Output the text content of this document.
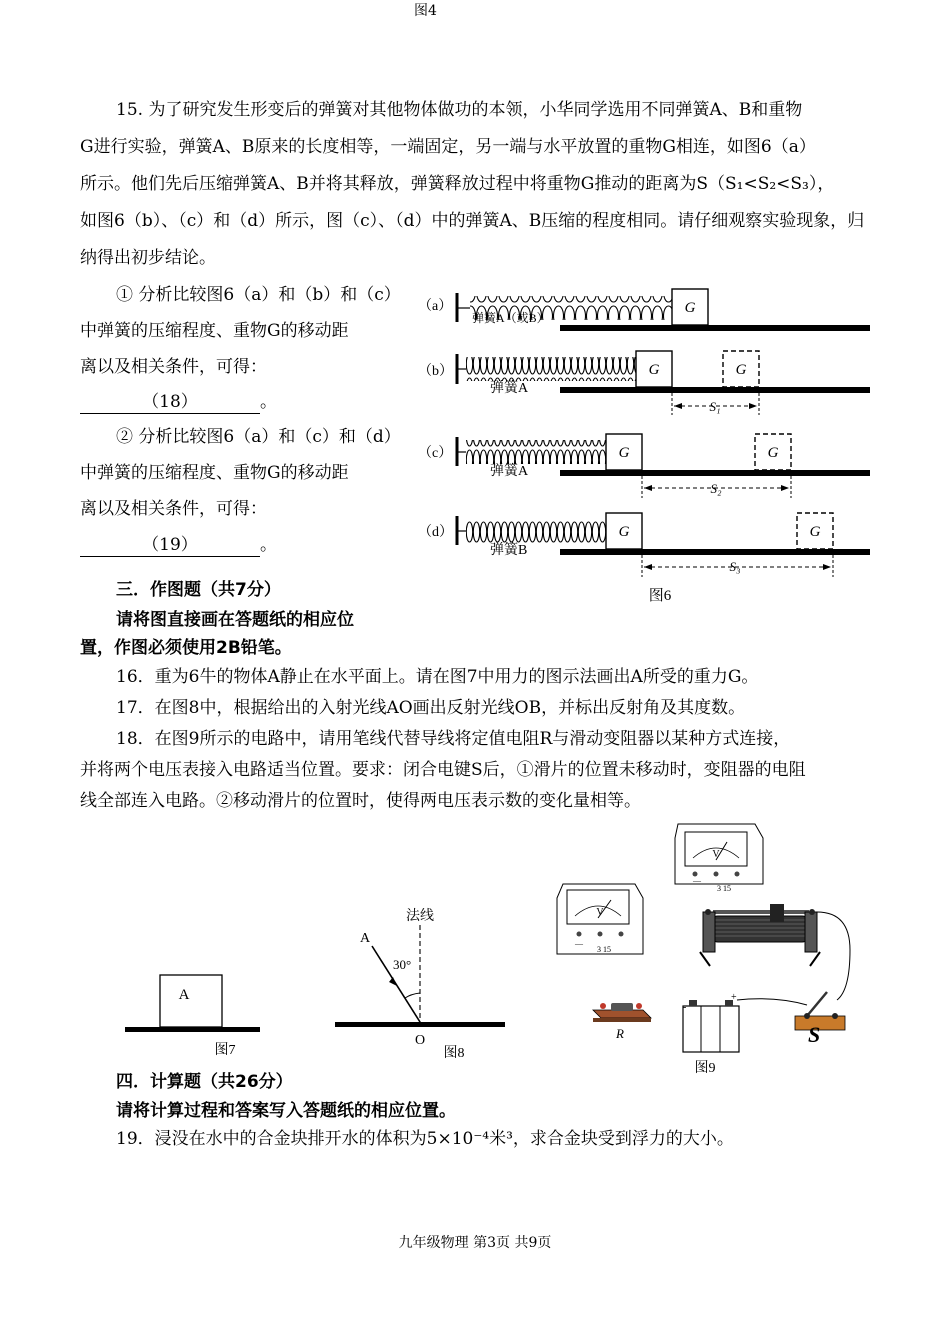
图4
15. 为了研究发生形变后的弹簧对其他物体做功的本领，小华同学选用不同弹簧A、B和重物
G进行实验，弹簧A、B原来的长度相等，一端固定，另一端与水平放置的重物G相连，如图6（a）
所示。他们先后压缩弹簧A、B并将其释放，弹簧释放过程中将重物G推动的距离为S（S₁<S₂<S₃），
如图6（b）、（c）和（d）所示，图（c）、（d）中的弹簧A、B压缩的程度相同。请仔细观察实验现象，归
纳得出初步结论。
① 分析比较图6（a）和（b）和（c）
中弹簧的压缩程度、重物G的移动距
离以及相关条件，可得：
（18）	。
② 分析比较图6（a）和（c）和（d）
中弹簧的压缩程度、重物G的移动距
离以及相关条件，可得：
（19）	。
（a）	G
弹簧A（或B）
（b）	G	G
弹簧A
S₁
（c）	G	G
弹簧A
S₂
（d）	G	G
弹簧B
S₃
图6
三．作图题（共7分）
请将图直接画在答题纸的相应位
置，作图必须使用2B铅笔。
16．重为6牛的物体A静止在水平面上。请在图7中用力的图示法画出A所受的重力G。
17．在图8中，根据给出的入射光线AO画出反射光线OB，并标出反射角及其度数。
18．在图9所示的电路中，请用笔线代替导线将定值电阻R与滑动变阻器以某种方式连接，
并将两个电压表接入电路适当位置。要求：闭合电键S后，①滑片的位置未移动时，变阻器的电阻
线全部连入电路。②移动滑片的位置时，使得两电压表示数的变化量相等。
A
图7
法线
A
30°
O
图8
V
—
3 15
V
—
3 15
R
-
+
S
图9
四．计算题（共26分）
请将计算过程和答案写入答题纸的相应位置。
19．浸没在水中的合金块排开水的体积为5×10⁻⁴米³，求合金块受到浮力的大小。
九年级物理 第3页 共9页
